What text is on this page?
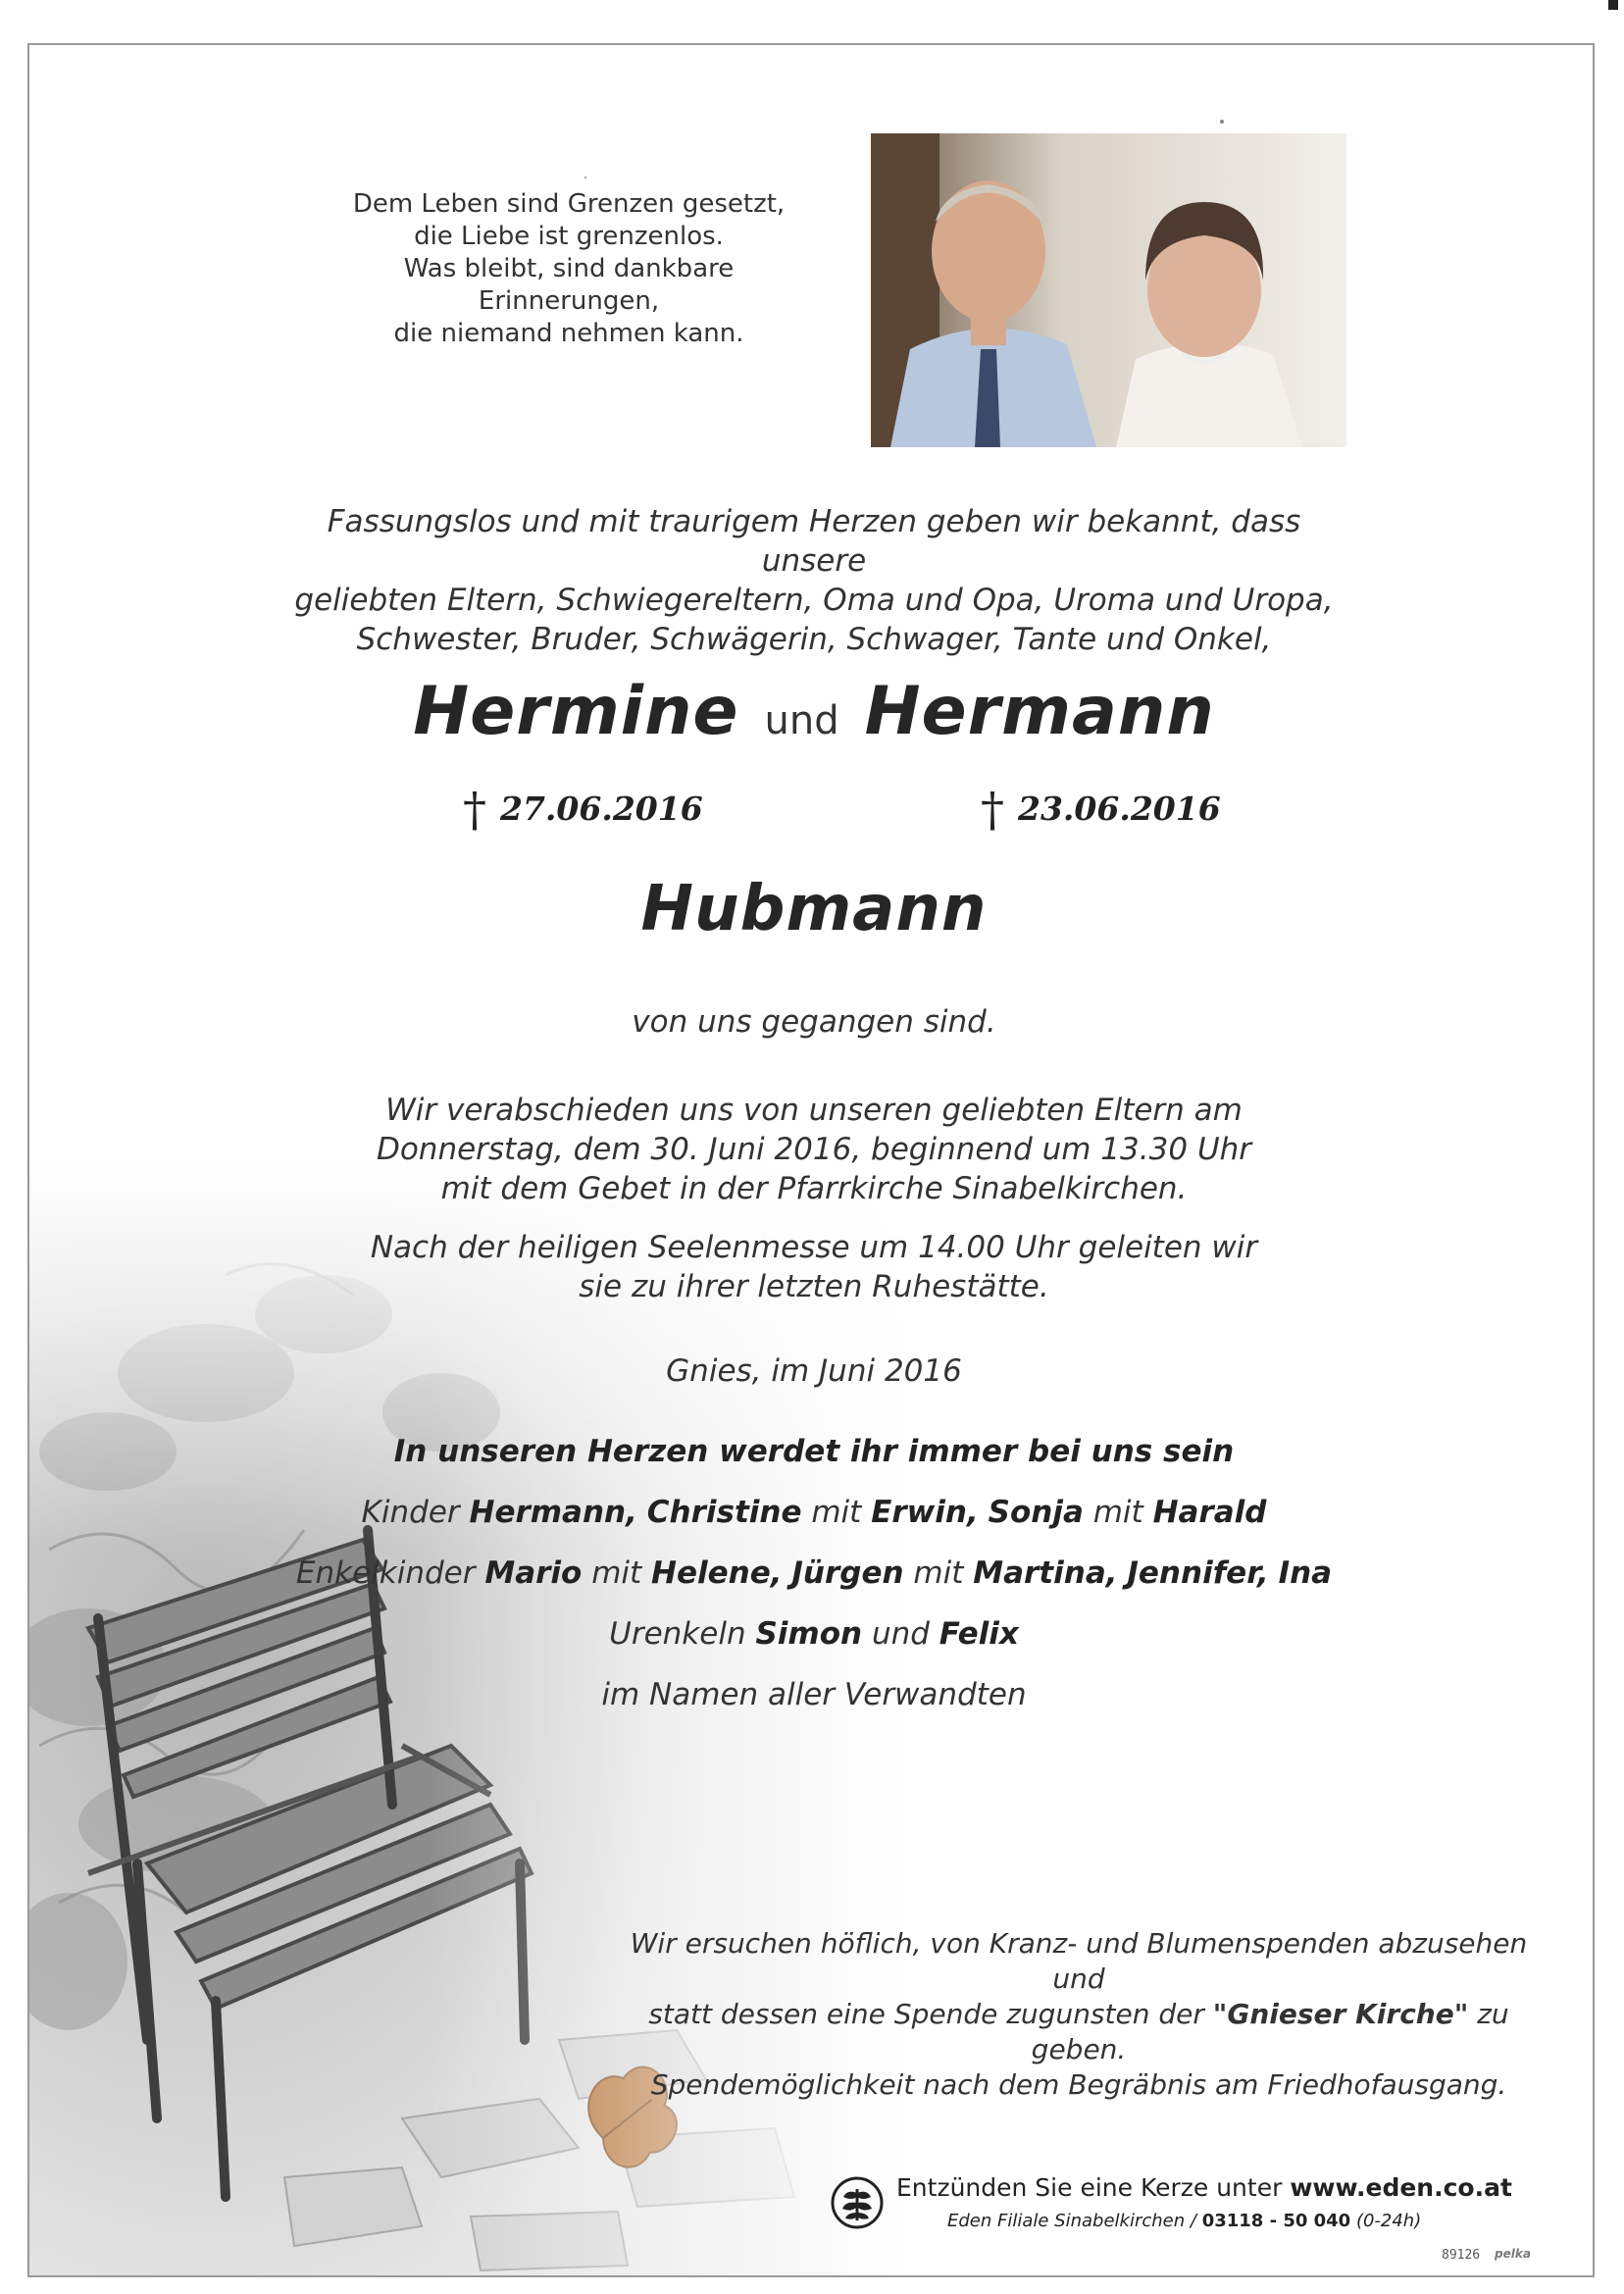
Dem Leben sind Grenzen gesetzt,
die Liebe ist grenzenlos.
Was bleibt, sind dankbare
Erinnerungen,
die niemand nehmen kann.
Fassungslos und mit traurigem Herzen geben wir bekannt, dass unsere
geliebten Eltern, Schwiegereltern, Oma und Opa, Uroma und Uropa,
Schwester, Bruder, Schwägerin, Schwager, Tante und Onkel,
Hermine und Hermann
† 27.06.2016	† 23.06.2016
Hubmann
von uns gegangen sind.
Wir verabschieden uns von unseren geliebten Eltern am
Donnerstag, dem 30. Juni 2016, beginnend um 13.30 Uhr
mit dem Gebet in der Pfarrkirche Sinabelkirchen.
Nach der heiligen Seelenmesse um 14.00 Uhr geleiten wir
sie zu ihrer letzten Ruhestätte.
Gnies, im Juni 2016
In unseren Herzen werdet ihr immer bei uns sein
Kinder Hermann, Christine mit Erwin, Sonja mit Harald
Enkelkinder Mario mit Helene, Jürgen mit Martina, Jennifer, Ina
Urenkeln Simon und Felix
im Namen aller Verwandten
Wir ersuchen höflich, von Kranz- und Blumenspenden abzusehen und
statt dessen eine Spende zugunsten der "Gnieser Kirche" zu geben.
Spendemöglichkeit nach dem Begräbnis am Friedhofausgang.
Entzünden Sie eine Kerze unter www.eden.co.at
Eden Filiale Sinabelkirchen / 03118 - 50 040 (0-24h)
89126 pelka
